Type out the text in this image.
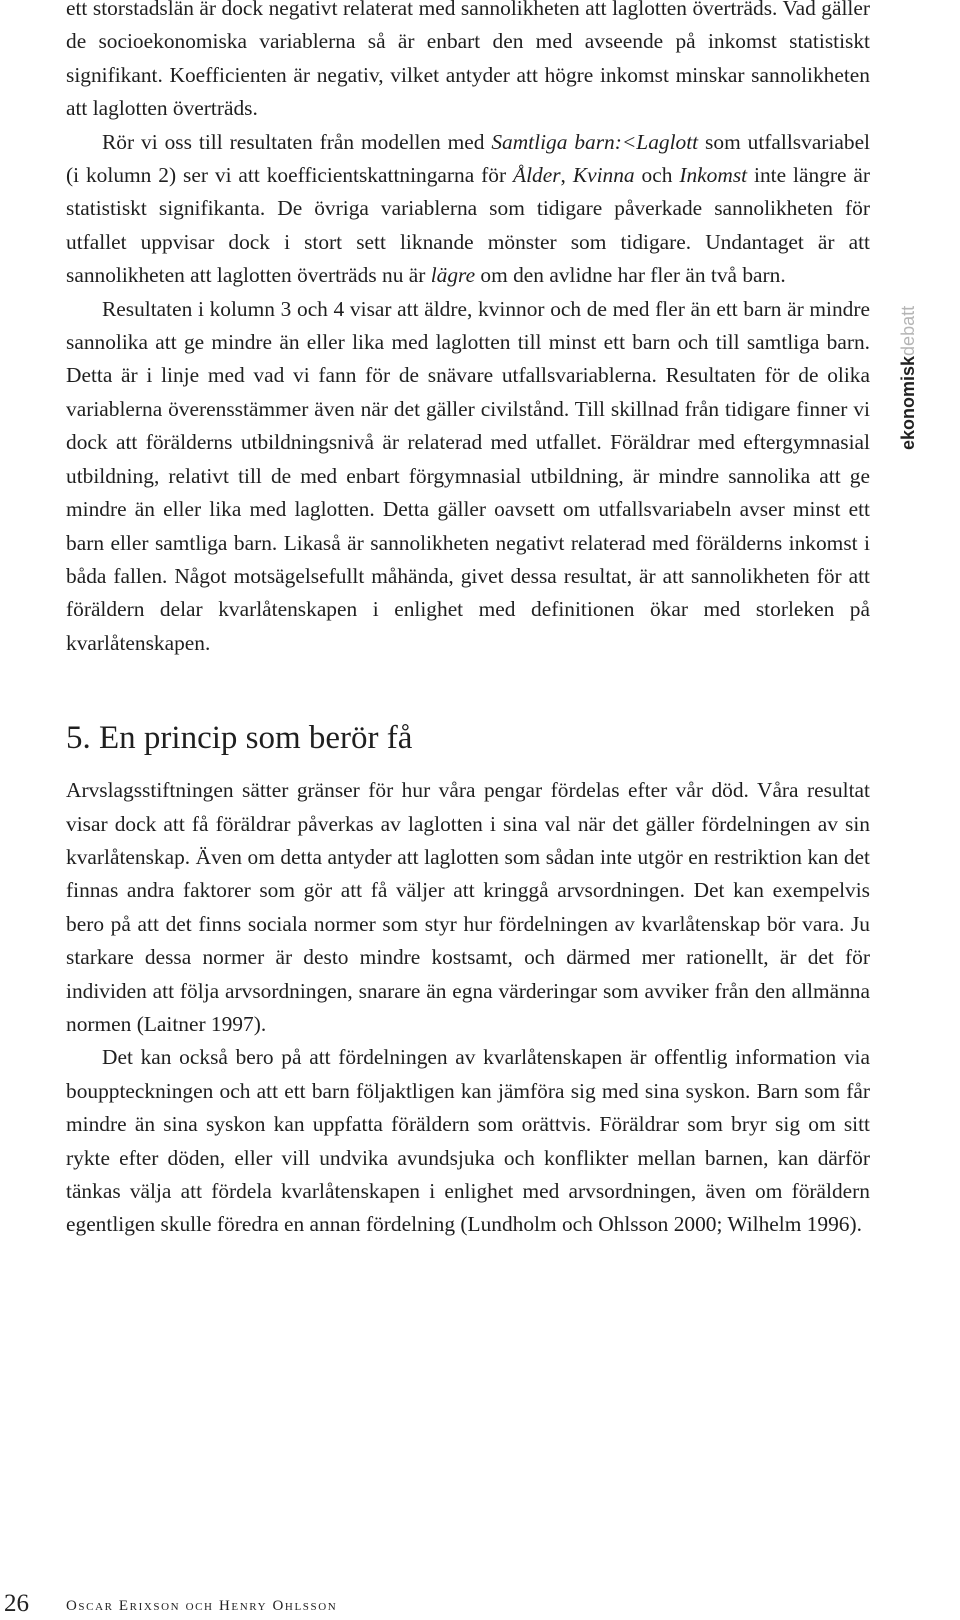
ett storstadslän är dock negativt relaterat med sannolikheten att laglotten överträds. Vad gäller de socioekonomiska variablerna så är enbart den med avseende på inkomst statistiskt signifikant. Koefficienten är negativ, vilket antyder att högre inkomst minskar sannolikheten att laglotten överträds.

Rör vi oss till resultaten från modellen med Samtliga barn:<Laglott som utfallsvariabel (i kolumn 2) ser vi att koefficientskattningarna för Ålder, Kvinna och Inkomst inte längre är statistiskt signifikanta. De övriga variablerna som tidigare påverkade sannolikheten för utfallet uppvisar dock i stort sett liknande mönster som tidigare. Undantaget är att sannolikheten att laglotten överträds nu är lägre om den avlidne har fler än två barn.

Resultaten i kolumn 3 och 4 visar att äldre, kvinnor och de med fler än ett barn är mindre sannolika att ge mindre än eller lika med laglotten till minst ett barn och till samtliga barn. Detta är i linje med vad vi fann för de snävare utfallsvariablerna. Resultaten för de olika variablerna överensstämmer även när det gäller civilstånd. Till skillnad från tidigare finner vi dock att förälderns utbildningsnivå är relaterad med utfallet. Föräldrar med eftergymnasial utbildning, relativt till de med enbart förgymnasial utbildning, är mindre sannolika att ge mindre än eller lika med laglotten. Detta gäller oavsett om utfallsvariabeln avser minst ett barn eller samtliga barn. Likaså är sannolikheten negativt relaterad med förälderns inkomst i båda fallen. Något motsägelsefullt måhända, givet dessa resultat, är att sannolikheten för att föräldern delar kvarlåtenskapen i enlighet med definitionen ökar med storleken på kvarlåtenskapen.

5. En princip som berör få

Arvslagsstiftningen sätter gränser för hur våra pengar fördelas efter vår död. Våra resultat visar dock att få föräldrar påverkas av laglotten i sina val när det gäller fördelningen av sin kvarlåtenskap. Även om detta antyder att laglotten som sådan inte utgör en restriktion kan det finnas andra faktorer som gör att få väljer att kringgå arvsordningen. Det kan exempelvis bero på att det finns sociala normer som styr hur fördelningen av kvarlåtenskap bör vara. Ju starkare dessa normer är desto mindre kostsamt, och därmed mer rationellt, är det för individen att följa arvsordningen, snarare än egna värderingar som avviker från den allmänna normen (Laitner 1997).

Det kan också bero på att fördelningen av kvarlåtenskapen är offentlig information via bouppteckningen och att ett barn följaktligen kan jämföra sig med sina syskon. Barn som får mindre än sina syskon kan uppfatta föräldern som orättvis. Föräldrar som bryr sig om sitt rykte efter döden, eller vill undvika avundsjuka och konflikter mellan barnen, kan därför tänkas välja att fördela kvarlåtenskapen i enlighet med arvsordningen, även om föräldern egentligen skulle föredra en annan fördelning (Lundholm och Ohlsson 2000; Wilhelm 1996).

ekonomiskdebatt
26 Oscar Erixson och Henry Ohlsson
